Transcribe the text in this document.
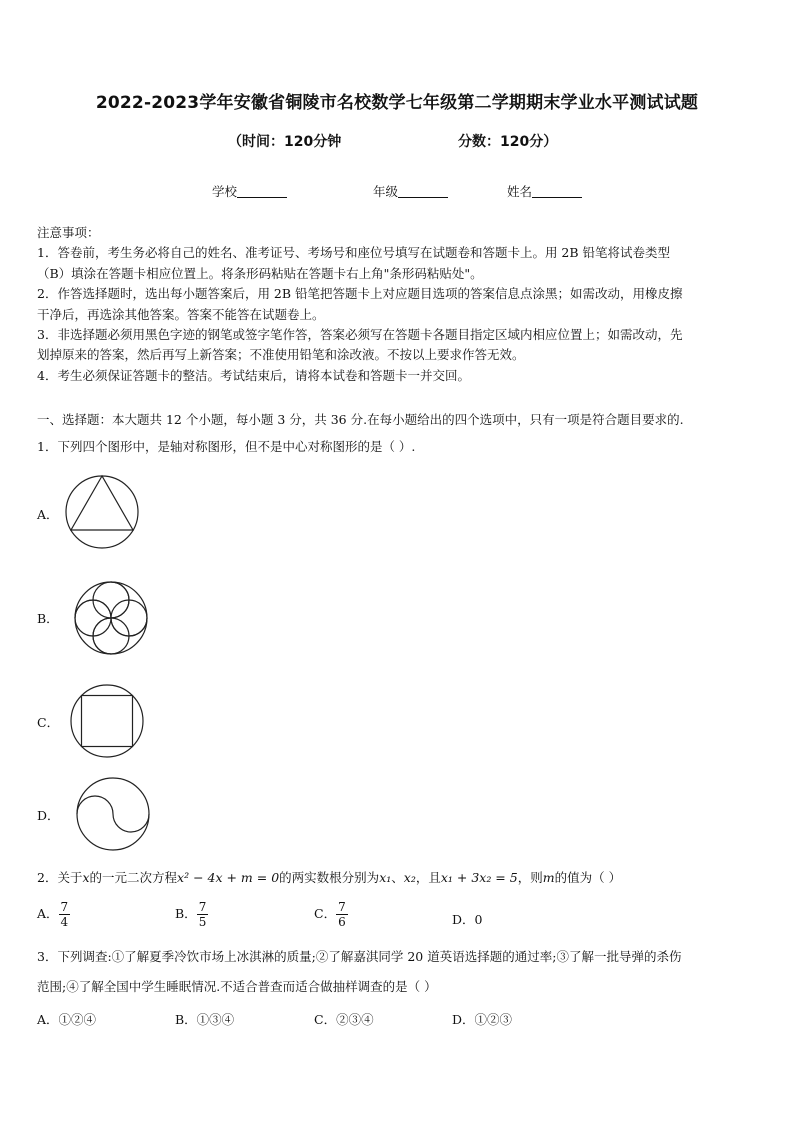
2022-2023学年安徽省铜陵市名校数学七年级第二学期期末学业水平测试试题
（时间：120分钟	分数：120分）
学校	年级	姓名

注意事项：

1．答卷前，考生务必将自己的姓名、准考证号、考场号和座位号填写在试题卷和答题卡上。用 2B 铅笔将试卷类型

（B）填涂在答题卡相应位置上。将条形码粘贴在答题卡右上角"条形码粘贴处"。

2．作答选择题时，选出每小题答案后，用 2B 铅笔把答题卡上对应题目选项的答案信息点涂黑；如需改动，用橡皮擦

干净后，再选涂其他答案。答案不能答在试题卷上。

3．非选择题必须用黑色字迹的钢笔或签字笔作答，答案必须写在答题卡各题目指定区域内相应位置上；如需改动，先

划掉原来的答案，然后再写上新答案；不准使用铅笔和涂改液。不按以上要求作答无效。

4．考生必须保证答题卡的整洁。考试结束后，请将本试卷和答题卡一并交回。

一、选择题：本大题共 12 个小题，每小题 3 分，共 36 分.在每小题给出的四个选项中，只有一项是符合题目要求的.
1．下列四个图形中，是轴对称图形，但不是中心对称图形的是（ ）.
A．
B．
C．
D．
2．关于x的一元二次方程x² − 4x + m = 0的两实数根分别为x₁、x₂，且x₁ + 3x₂ = 5，则m的值为（ ）
A． $\frac{7}{4}$	B． $\frac{7}{5}$	C． $\frac{7}{6}$	D．0
3．下列调查:①了解夏季冷饮市场上冰淇淋的质量;②了解嘉淇同学 20 道英语选择题的通过率;③了解一批导弹的杀伤
范围;④了解全国中学生睡眠情况.不适合普查而适合做抽样调查的是（ ）
A．①②④	B．①③④	C．②③④	D．①②③
